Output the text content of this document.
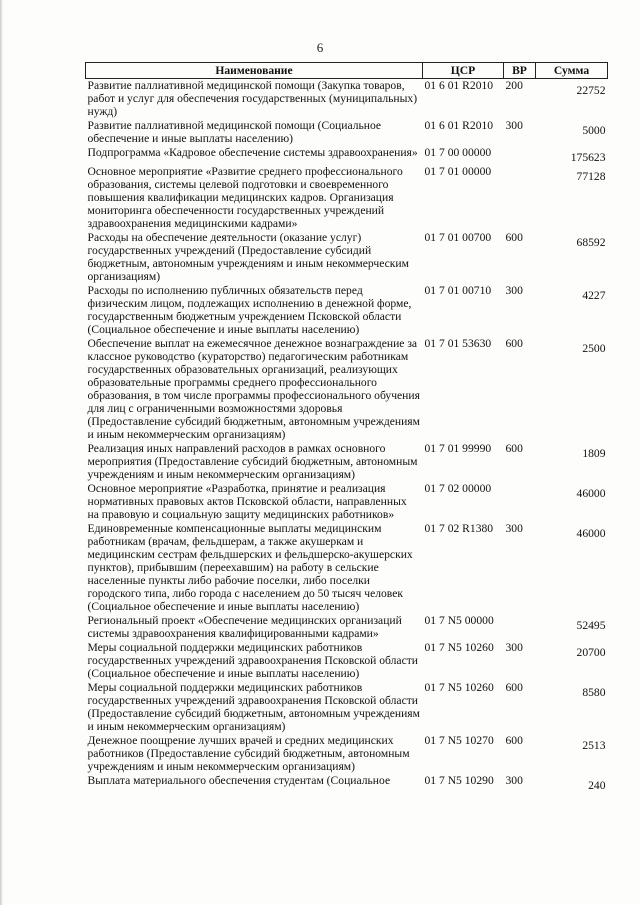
6
Наименование	ЦСР	ВР	Сумма
Развитие паллиативной медицинской помощи (Закупка товаров, работ и услуг для обеспечения государственных (муниципальных) нужд)	01 6 01 R2010	200	22752
Развитие паллиативной медицинской помощи (Социальное обеспечение и иные выплаты населению)	01 6 01 R2010	300	5000
Подпрограмма «Кадровое обеспечение системы здравоохранения»	01 7 00 00000		175623
Основное мероприятие «Развитие среднего профессионального образования, системы целевой подготовки и своевременного повышения квалификации медицинских кадров. Организация мониторинга обеспеченности государственных учреждений здравоохранения медицинскими кадрами»	01 7 01 00000		77128
Расходы на обеспечение деятельности (оказание услуг) государственных учреждений (Предоставление субсидий бюджетным, автономным учреждениям и иным некоммерческим организациям)	01 7 01 00700	600	68592
Расходы по исполнению публичных обязательств перед физическим лицом, подлежащих исполнению в денежной форме, государственным бюджетным учреждением Псковской области (Социальное обеспечение и иные выплаты населению)	01 7 01 00710	300	4227
Обеспечение выплат на ежемесячное денежное вознаграждение за классное руководство (кураторство) педагогическим работникам государственных образовательных организаций, реализующих образовательные программы среднего профессионального образования, в том числе программы профессионального обучения для лиц с ограниченными возможностями здоровья (Предоставление субсидий бюджетным, автономным учреждениям и иным некоммерческим организациям)	01 7 01 53630	600	2500
Реализация иных направлений расходов в рамках основного мероприятия (Предоставление субсидий бюджетным, автономным учреждениям и иным некоммерческим организациям)	01 7 01 99990	600	1809
Основное мероприятие «Разработка, принятие и реализация нормативных правовых актов Псковской области, направленных на правовую и социальную защиту медицинских работников»	01 7 02 00000		46000
Единовременные компенсационные выплаты медицинским работникам (врачам, фельдшерам, а также акушеркам и медицинским сестрам фельдшерских и фельдшерско-акушерских пунктов), прибывшим (переехавшим) на работу в сельские населенные пункты либо рабочие поселки, либо поселки городского типа, либо города с населением до 50 тысяч человек (Социальное обеспечение и иные выплаты населению)	01 7 02 R1380	300	46000
Региональный проект «Обеспечение медицинских организаций системы здравоохранения квалифицированными кадрами»	01 7 N5 00000		52495
Меры социальной поддержки медицинских работников государственных учреждений здравоохранения Псковской области (Социальное обеспечение и иные выплаты населению)	01 7 N5 10260	300	20700
Меры социальной поддержки медицинских работников государственных учреждений здравоохранения Псковской области (Предоставление субсидий бюджетным, автономным учреждениям и иным некоммерческим организациям)	01 7 N5 10260	600	8580
Денежное поощрение лучших врачей и средних медицинских работников (Предоставление субсидий бюджетным, автономным учреждениям и иным некоммерческим организациям)	01 7 N5 10270	600	2513
Выплата материального обеспечения студентам (Социальное	01 7 N5 10290	300	240
